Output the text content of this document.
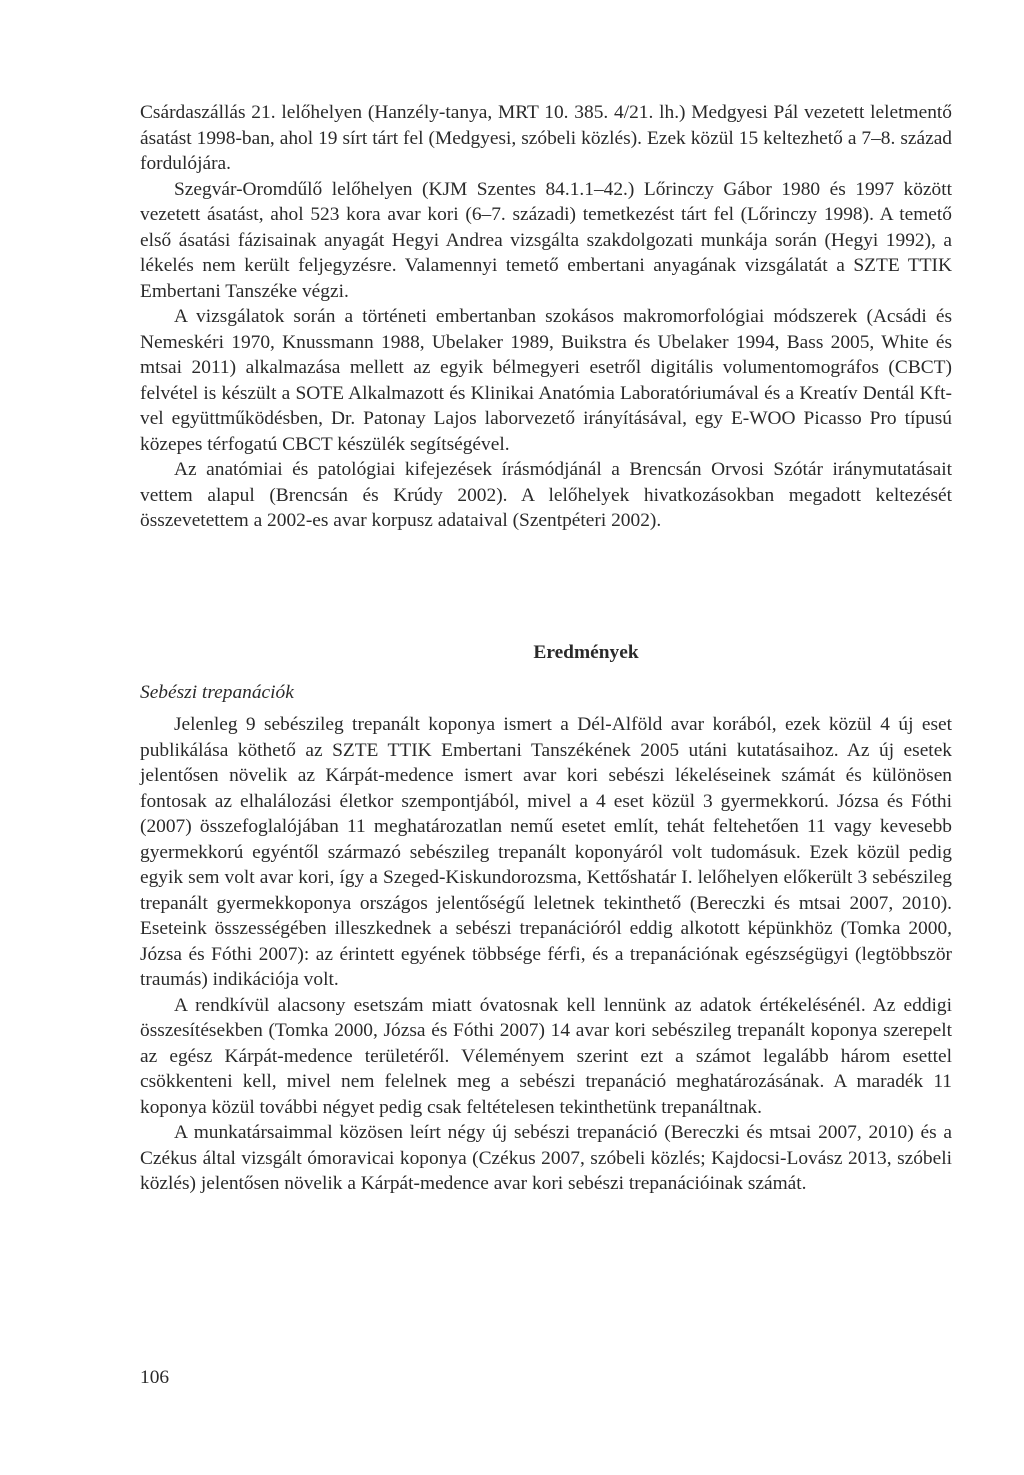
Csárdaszállás 21. lelőhelyen (Hanzély-tanya, MRT 10. 385. 4/21. lh.) Medgyesi Pál vezetett leletmentő ásatást 1998-ban, ahol 19 sírt tárt fel (Medgyesi, szóbeli közlés). Ezek közül 15 keltezhető a 7–8. század fordulójára.

Szegvár-Oromdűlő lelőhelyen (KJM Szentes 84.1.1–42.) Lőrinczy Gábor 1980 és 1997 között vezetett ásatást, ahol 523 kora avar kori (6–7. századi) temetkezést tárt fel (Lőrinczy 1998). A temető első ásatási fázisainak anyagát Hegyi Andrea vizsgálta szakdolgozati munkája során (Hegyi 1992), a lékelés nem került feljegyzésre. Valamennyi temető embertani anyagának vizsgálatát a SZTE TTIK Embertani Tanszéke végzi.

A vizsgálatok során a történeti embertanban szokásos makromorfológiai módszerek (Acsádi és Nemeskéri 1970, Knussmann 1988, Ubelaker 1989, Buikstra és Ubelaker 1994, Bass 2005, White és mtsai 2011) alkalmazása mellett az egyik bélmegyeri esetről digitális volumentomográfos (CBCT) felvétel is készült a SOTE Alkalmazott és Klinikai Anatómia Laboratóriumával és a Kreatív Dentál Kft-vel együttműködésben, Dr. Patonay Lajos laborvezető irányításával, egy E-WOO Picasso Pro típusú közepes térfogatú CBCT készülék segítségével.

Az anatómiai és patológiai kifejezések írásmódjánál a Brencsán Orvosi Szótár iránymutatásait vettem alapul (Brencsán és Krúdy 2002). A lelőhelyek hivatkozásokban megadott keltezését összevetettem a 2002-es avar korpusz adataival (Szentpéteri 2002).

Eredmények
Sebészi trepanációk

Jelenleg 9 sebészileg trepanált koponya ismert a Dél-Alföld avar korából, ezek közül 4 új eset publikálása köthető az SZTE TTIK Embertani Tanszékének 2005 utáni kutatásaihoz. Az új esetek jelentősen növelik az Kárpát-medence ismert avar kori sebészi lékeléseinek számát és különösen fontosak az elhalálozási életkor szempontjából, mivel a 4 eset közül 3 gyermekkorú. Józsa és Fóthi (2007) összefoglalójában 11 meghatározatlan nemű esetet említ, tehát feltehetően 11 vagy kevesebb gyermekkorú egyéntől származó sebészileg trepanált koponyáról volt tudomásuk. Ezek közül pedig egyik sem volt avar kori, így a Szeged-Kiskundorozsma, Kettőshatár I. lelőhelyen előkerült 3 sebészileg trepanált gyermekkoponya országos jelentőségű leletnek tekinthető (Bereczki és mtsai 2007, 2010). Eseteink összességében illeszkednek a sebészi trepanációról eddig alkotott képünkhöz (Tomka 2000, Józsa és Fóthi 2007): az érintett egyének többsége férfi, és a trepanációnak egészségügyi (legtöbbször traumás) indikációja volt.

A rendkívül alacsony esetszám miatt óvatosnak kell lennünk az adatok értékelésénél. Az eddigi összesítésekben (Tomka 2000, Józsa és Fóthi 2007) 14 avar kori sebészileg trepanált koponya szerepelt az egész Kárpát-medence területéről. Véleményem szerint ezt a számot legalább három esettel csökkenteni kell, mivel nem felelnek meg a sebészi trepanáció meghatározásának. A maradék 11 koponya közül további négyet pedig csak feltételesen tekinthetünk trepanáltnak.

A munkatársaimmal közösen leírt négy új sebészi trepanáció (Bereczki és mtsai 2007, 2010) és a Czékus által vizsgált ómoravicai koponya (Czékus 2007, szóbeli közlés; Kajdocsi-Lovász 2013, szóbeli közlés) jelentősen növelik a Kárpát-medence avar kori sebészi trepanációinak számát.

106
